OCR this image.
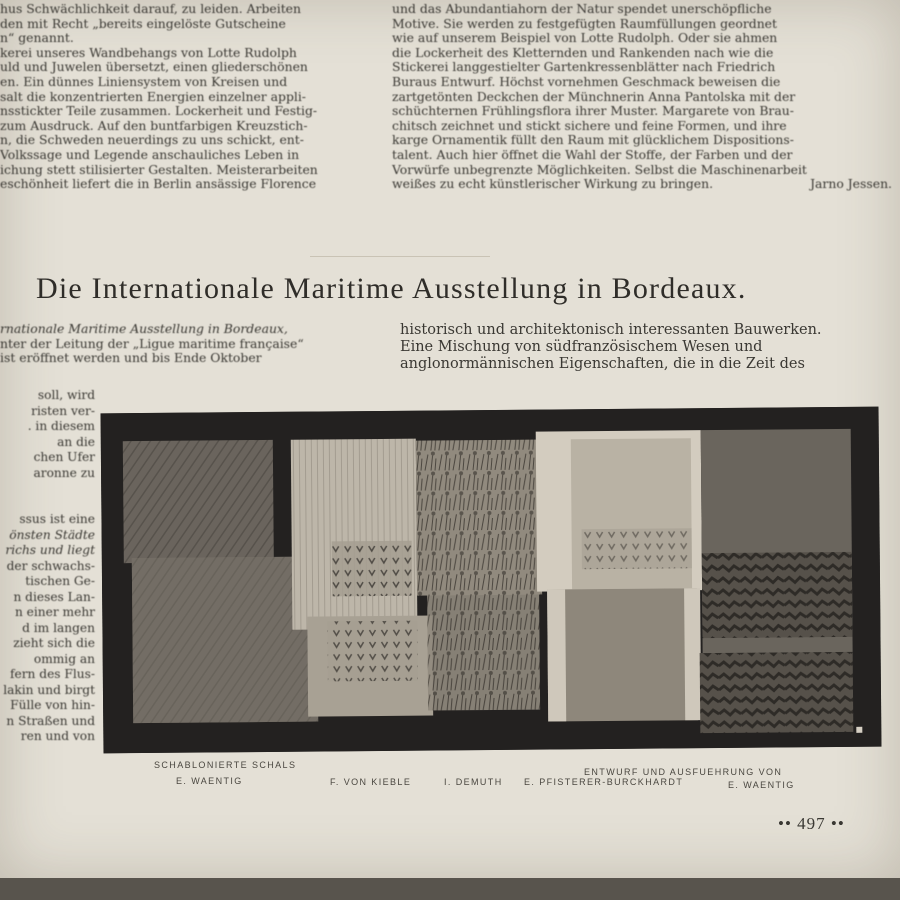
hus Schwächlichkeit darauf, zu leiden. Arbeiten

den mit Recht „bereits eingelöste Gutscheine

n“ genannt.

kerei unseres Wandbehangs von Lotte Rudolph

uld und Juwelen übersetzt, einen gliederschönen

en. Ein dünnes Liniensystem von Kreisen und

salt die konzentrierten Energien einzelner appli-

nsstickter Teile zusammen. Lockerheit und Festig-

zum Ausdruck. Auf den buntfarbigen Kreuzstich-

n, die Schweden neuerdings zu uns schickt, ent-

Volkssage und Legende anschauliches Leben in

ichung stett stilisierter Gestalten. Meisterarbeiten

eschönheit liefert die in Berlin ansässige Florence

und das Abundantiahorn der Natur spendet unerschöpfliche

Motive. Sie werden zu festgefügten Raumfüllungen geordnet

wie auf unserem Beispiel von Lotte Rudolph. Oder sie ahmen

die Lockerheit des Kletternden und Rankenden nach wie die

Stickerei langgestielter Gartenkressenblätter nach Friedrich

Buraus Entwurf. Höchst vornehmen Geschmack beweisen die

zartgetönten Deckchen der Münchnerin Anna Pantolska mit der

schüchternen Frühlingsflora ihrer Muster. Margarete von Brau-

chitsch zeichnet und stickt sichere und feine Formen, und ihre

karge Ornamentik füllt den Raum mit glücklichem Dispositions-

talent. Auch hier öffnet die Wahl der Stoffe, der Farben und der

Vorwürfe unbegrenzte Möglichkeiten. Selbst die Maschinenarbeit

weißes zu echt künstlerischer Wirkung zu bringen.	Jarno Jessen.

Die Internationale Maritime Ausstellung in Bordeaux.

rnationale Maritime Ausstellung in Bordeaux,

nter der Leitung der „Ligue maritime française“

ist eröffnet werden und bis Ende Oktober

historisch und architektonisch interessanten Bauwerken.

Eine Mischung von südfranzösischem Wesen und

anglonormännischen Eigenschaften, die in die Zeit des

soll, wird

risten ver-

. in diesem

an die

chen Ufer

aronne zu

ssus ist eine

önsten Städte

richs und liegt

der schwachs-

tischen Ge-

n dieses Lan-

n einer mehr

d im langen

zieht sich die

ommig an

fern des Flus-

lakin und birgt

Fülle von hin-

n Straßen und

ren und von

SCHABLONIERTE SCHALS
E. WAENTIG	F. VON KIEBLE	I. DEMUTH E. PFISTERER-BURCKHARDT
ENTWURF UND AUSFUEHRUNG VON
E. WAENTIG
•• 497 ••
